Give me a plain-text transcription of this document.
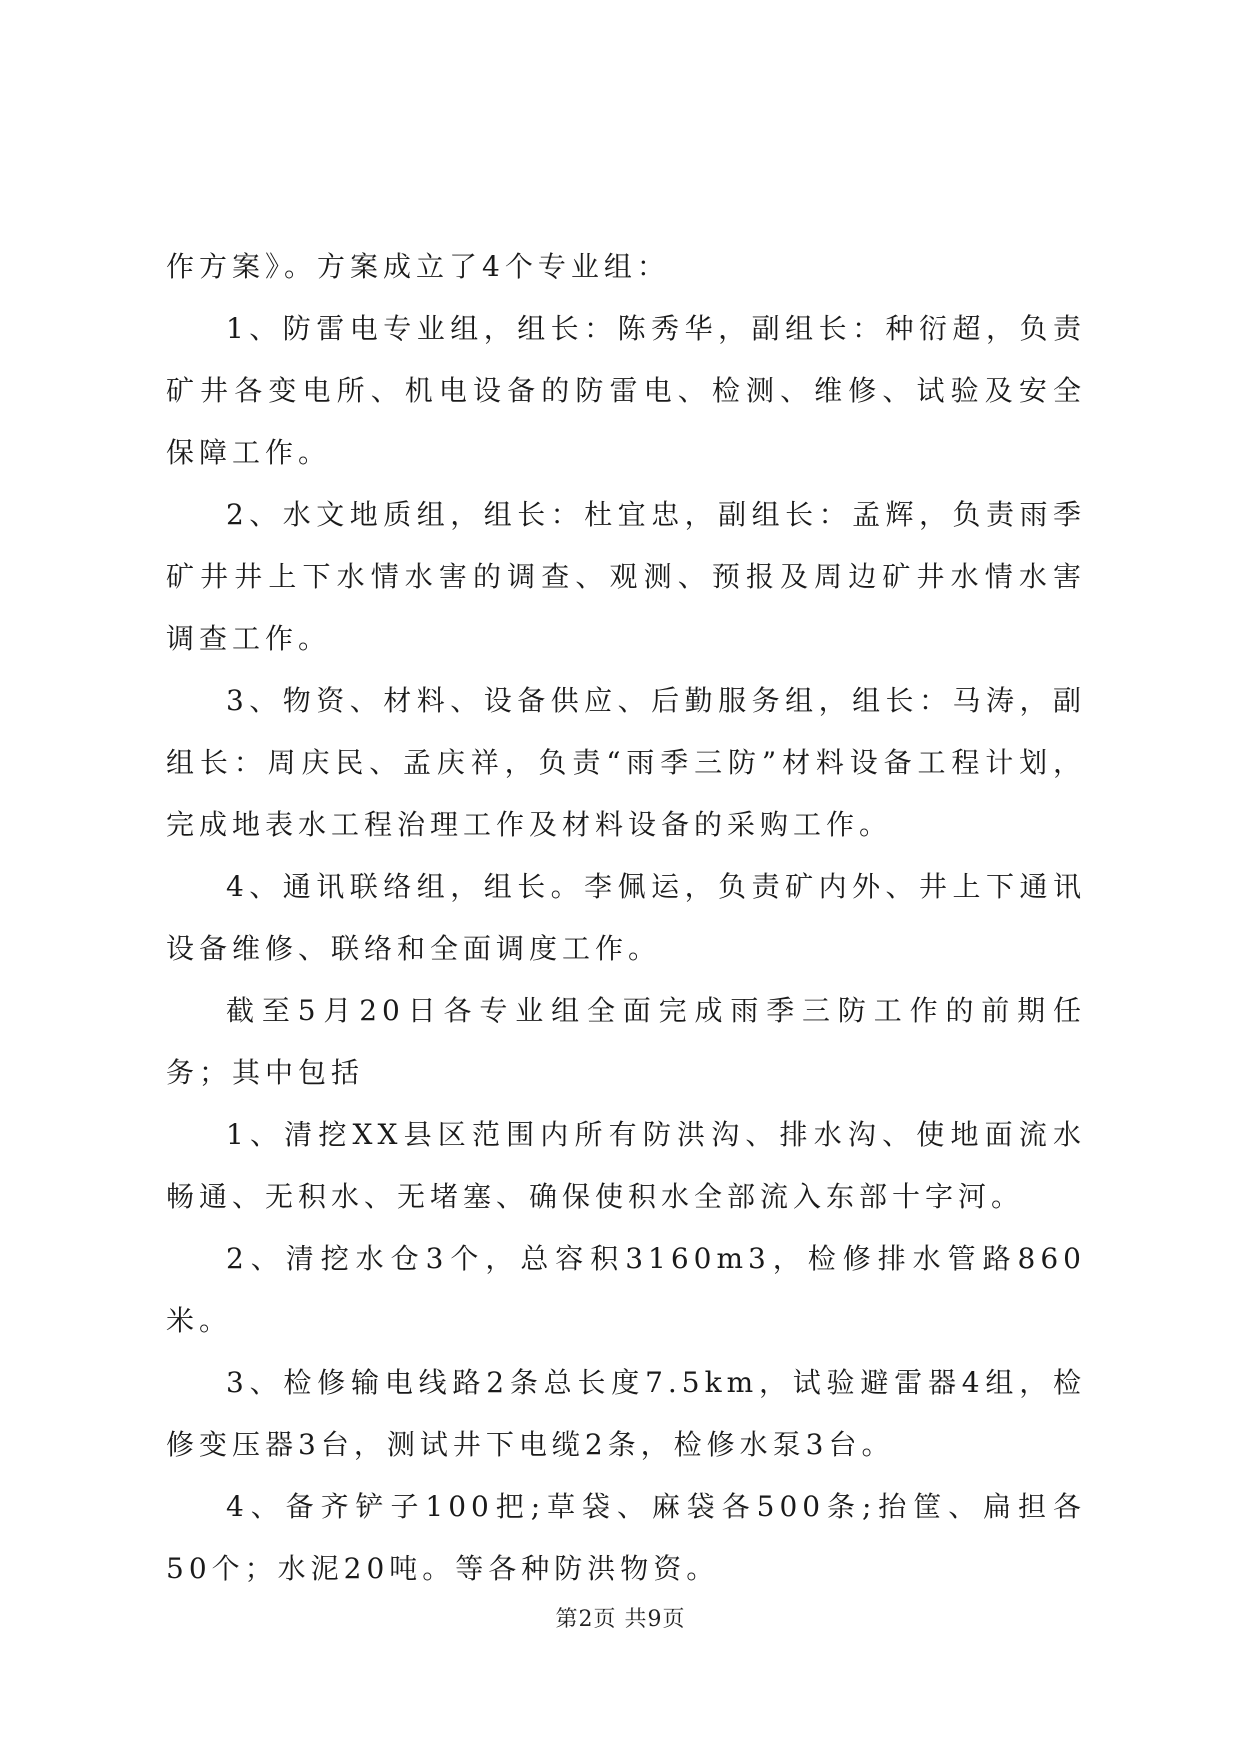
作方案》。方案成立了4个专业组：

1、防雷电专业组，组长：陈秀华，副组长：种衍超，负责矿井各变电所、机电设备的防雷电、检测、维修、试验及安全保障工作。

2、水文地质组，组长：杜宜忠，副组长：孟辉，负责雨季矿井井上下水情水害的调查、观测、预报及周边矿井水情水害调查工作。

3、物资、材料、设备供应、后勤服务组，组长：马涛，副组长：周庆民、孟庆祥，负责“雨季三防”材料设备工程计划，完成地表水工程治理工作及材料设备的采购工作。

4、通讯联络组，组长。李佩运，负责矿内外、井上下通讯设备维修、联络和全面调度工作。

截至5月20日各专业组全面完成雨季三防工作的前期任务；其中包括

1、清挖XX县区范围内所有防洪沟、排水沟、使地面流水畅通、无积水、无堵塞、确保使积水全部流入东部十字河。

2、清挖水仓3个，总容积3160m3，检修排水管路860米。

3、检修输电线路2条总长度7.5km，试验避雷器4组，检修变压器3台，测试井下电缆2条，检修水泵3台。

4、备齐铲子100把;草袋、麻袋各500条;抬筐、扁担各50个；水泥20吨。等各种防洪物资。

第2页 共9页
